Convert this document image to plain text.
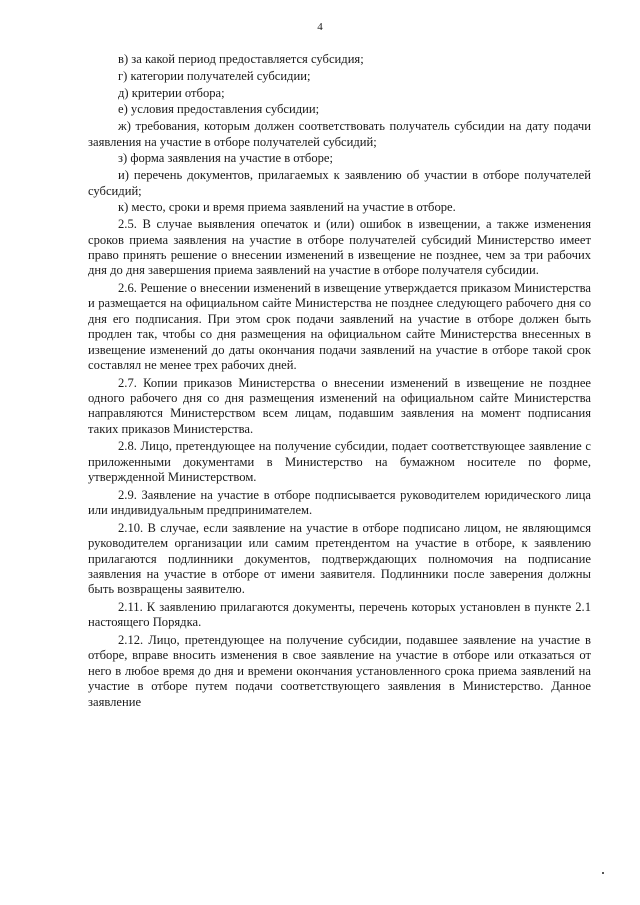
4

в) за какой период предоставляется субсидия;

г) категории получателей субсидии;

д) критерии отбора;

е) условия предоставления субсидии;

ж) требования, которым должен соответствовать получатель субсидии на дату подачи заявления на участие в отборе получателей субсидий;

з) форма заявления на участие в отборе;

и) перечень документов, прилагаемых к заявлению об участии в отборе получателей субсидий;

к) место, сроки и время приема заявлений на участие в отборе.

2.5. В случае выявления опечаток и (или) ошибок в извещении, а также изменения сроков приема заявления на участие в отборе получателей субсидий Министерство имеет право принять решение о внесении изменений в извещение не позднее, чем за три рабочих дня до дня завершения приема заявлений на участие в отборе получателя субсидии.

2.6. Решение о внесении изменений в извещение утверждается приказом Министерства и размещается на официальном сайте Министерства не позднее следующего рабочего дня со дня его подписания. При этом срок подачи заявлений на участие в отборе должен быть продлен так, чтобы со дня размещения на официальном сайте Министерства внесенных в извещение изменений до даты окончания подачи заявлений на участие в отборе такой срок составлял не менее трех рабочих дней.

2.7. Копии приказов Министерства о внесении изменений в извещение не позднее одного рабочего дня со дня размещения изменений на официальном сайте Министерства направляются Министерством всем лицам, подавшим заявления на момент подписания таких приказов Министерства.

2.8. Лицо, претендующее на получение субсидии, подает соответствующее заявление с приложенными документами в Министерство на бумажном носителе по форме, утвержденной Министерством.

2.9. Заявление на участие в отборе подписывается руководителем юридического лица или индивидуальным предпринимателем.

2.10. В случае, если заявление на участие в отборе подписано лицом, не являющимся руководителем организации или самим претендентом на участие в отборе, к заявлению прилагаются подлинники документов, подтверждающих полномочия на подписание заявления на участие в отборе от имени заявителя. Подлинники после заверения должны быть возвращены заявителю.

2.11. К заявлению прилагаются документы, перечень которых установлен в пункте 2.1 настоящего Порядка.

2.12. Лицо, претендующее на получение субсидии, подавшее заявление на участие в отборе, вправе вносить изменения в свое заявление на участие в отборе или отказаться от него в любое время до дня и времени окончания установленного срока приема заявлений на участие в отборе путем подачи соответствующего заявления в Министерство. Данное заявление
